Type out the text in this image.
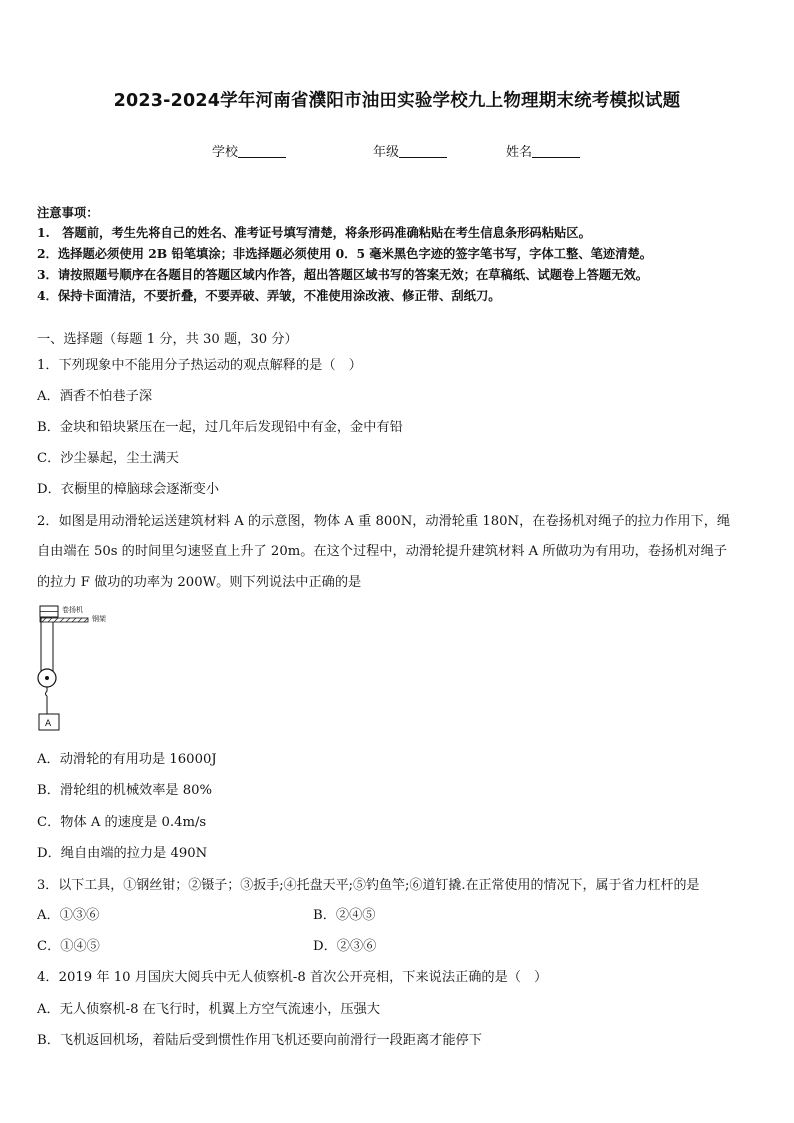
2023-2024学年河南省濮阳市油田实验学校九上物理期末统考模拟试题
学校	年级	姓名
注意事项：
1.　答题前，考生先将自己的姓名、准考证号填写清楚，将条形码准确粘贴在考生信息条形码粘贴区。
2．选择题必须使用 2B 铅笔填涂；非选择题必须使用 0．5 毫米黑色字迹的签字笔书写，字体工整、笔迹清楚。
3．请按照题号顺序在各题目的答题区域内作答，超出答题区域书写的答案无效；在草稿纸、试题卷上答题无效。
4．保持卡面清洁，不要折叠，不要弄破、弄皱，不准使用涂改液、修正带、刮纸刀。
一、选择题（每题 1 分，共 30 题，30 分）
1．下列现象中不能用分子热运动的观点解释的是（　）
A．酒香不怕巷子深
B．金块和铅块紧压在一起，过几年后发现铅中有金，金中有铅
C．沙尘暴起，尘土满天
D．衣橱里的樟脑球会逐渐变小
2．如图是用动滑轮运送建筑材料 A 的示意图，物体 A 重 800N，动滑轮重 180N，在卷扬机对绳子的拉力作用下，绳
自由端在 50s 的时间里匀速竖直上升了 20m。在这个过程中，动滑轮提升建筑材料 A 所做功为有用功，卷扬机对绳子
的拉力 F 做功的功率为 200W。则下列说法中正确的是
卷扬机
钢架
A
A．动滑轮的有用功是 16000J
B．滑轮组的机械效率是 80%
C．物体 A 的速度是 0.4m/s
D．绳自由端的拉力是 490N
3．以下工具，①钢丝钳；②镊子；③扳手;④托盘天平;⑤钓鱼竿;⑥道钉撬.在正常使用的情况下，属于省力杠杆的是
A．①③⑥	B．②④⑤
C．①④⑤	D．②③⑥
4．2019 年 10 月国庆大阅兵中无人侦察机-8 首次公开亮相，下来说法正确的是（　）
A．无人侦察机-8 在飞行时，机翼上方空气流速小，压强大
B．飞机返回机场，着陆后受到惯性作用飞机还要向前滑行一段距离才能停下
